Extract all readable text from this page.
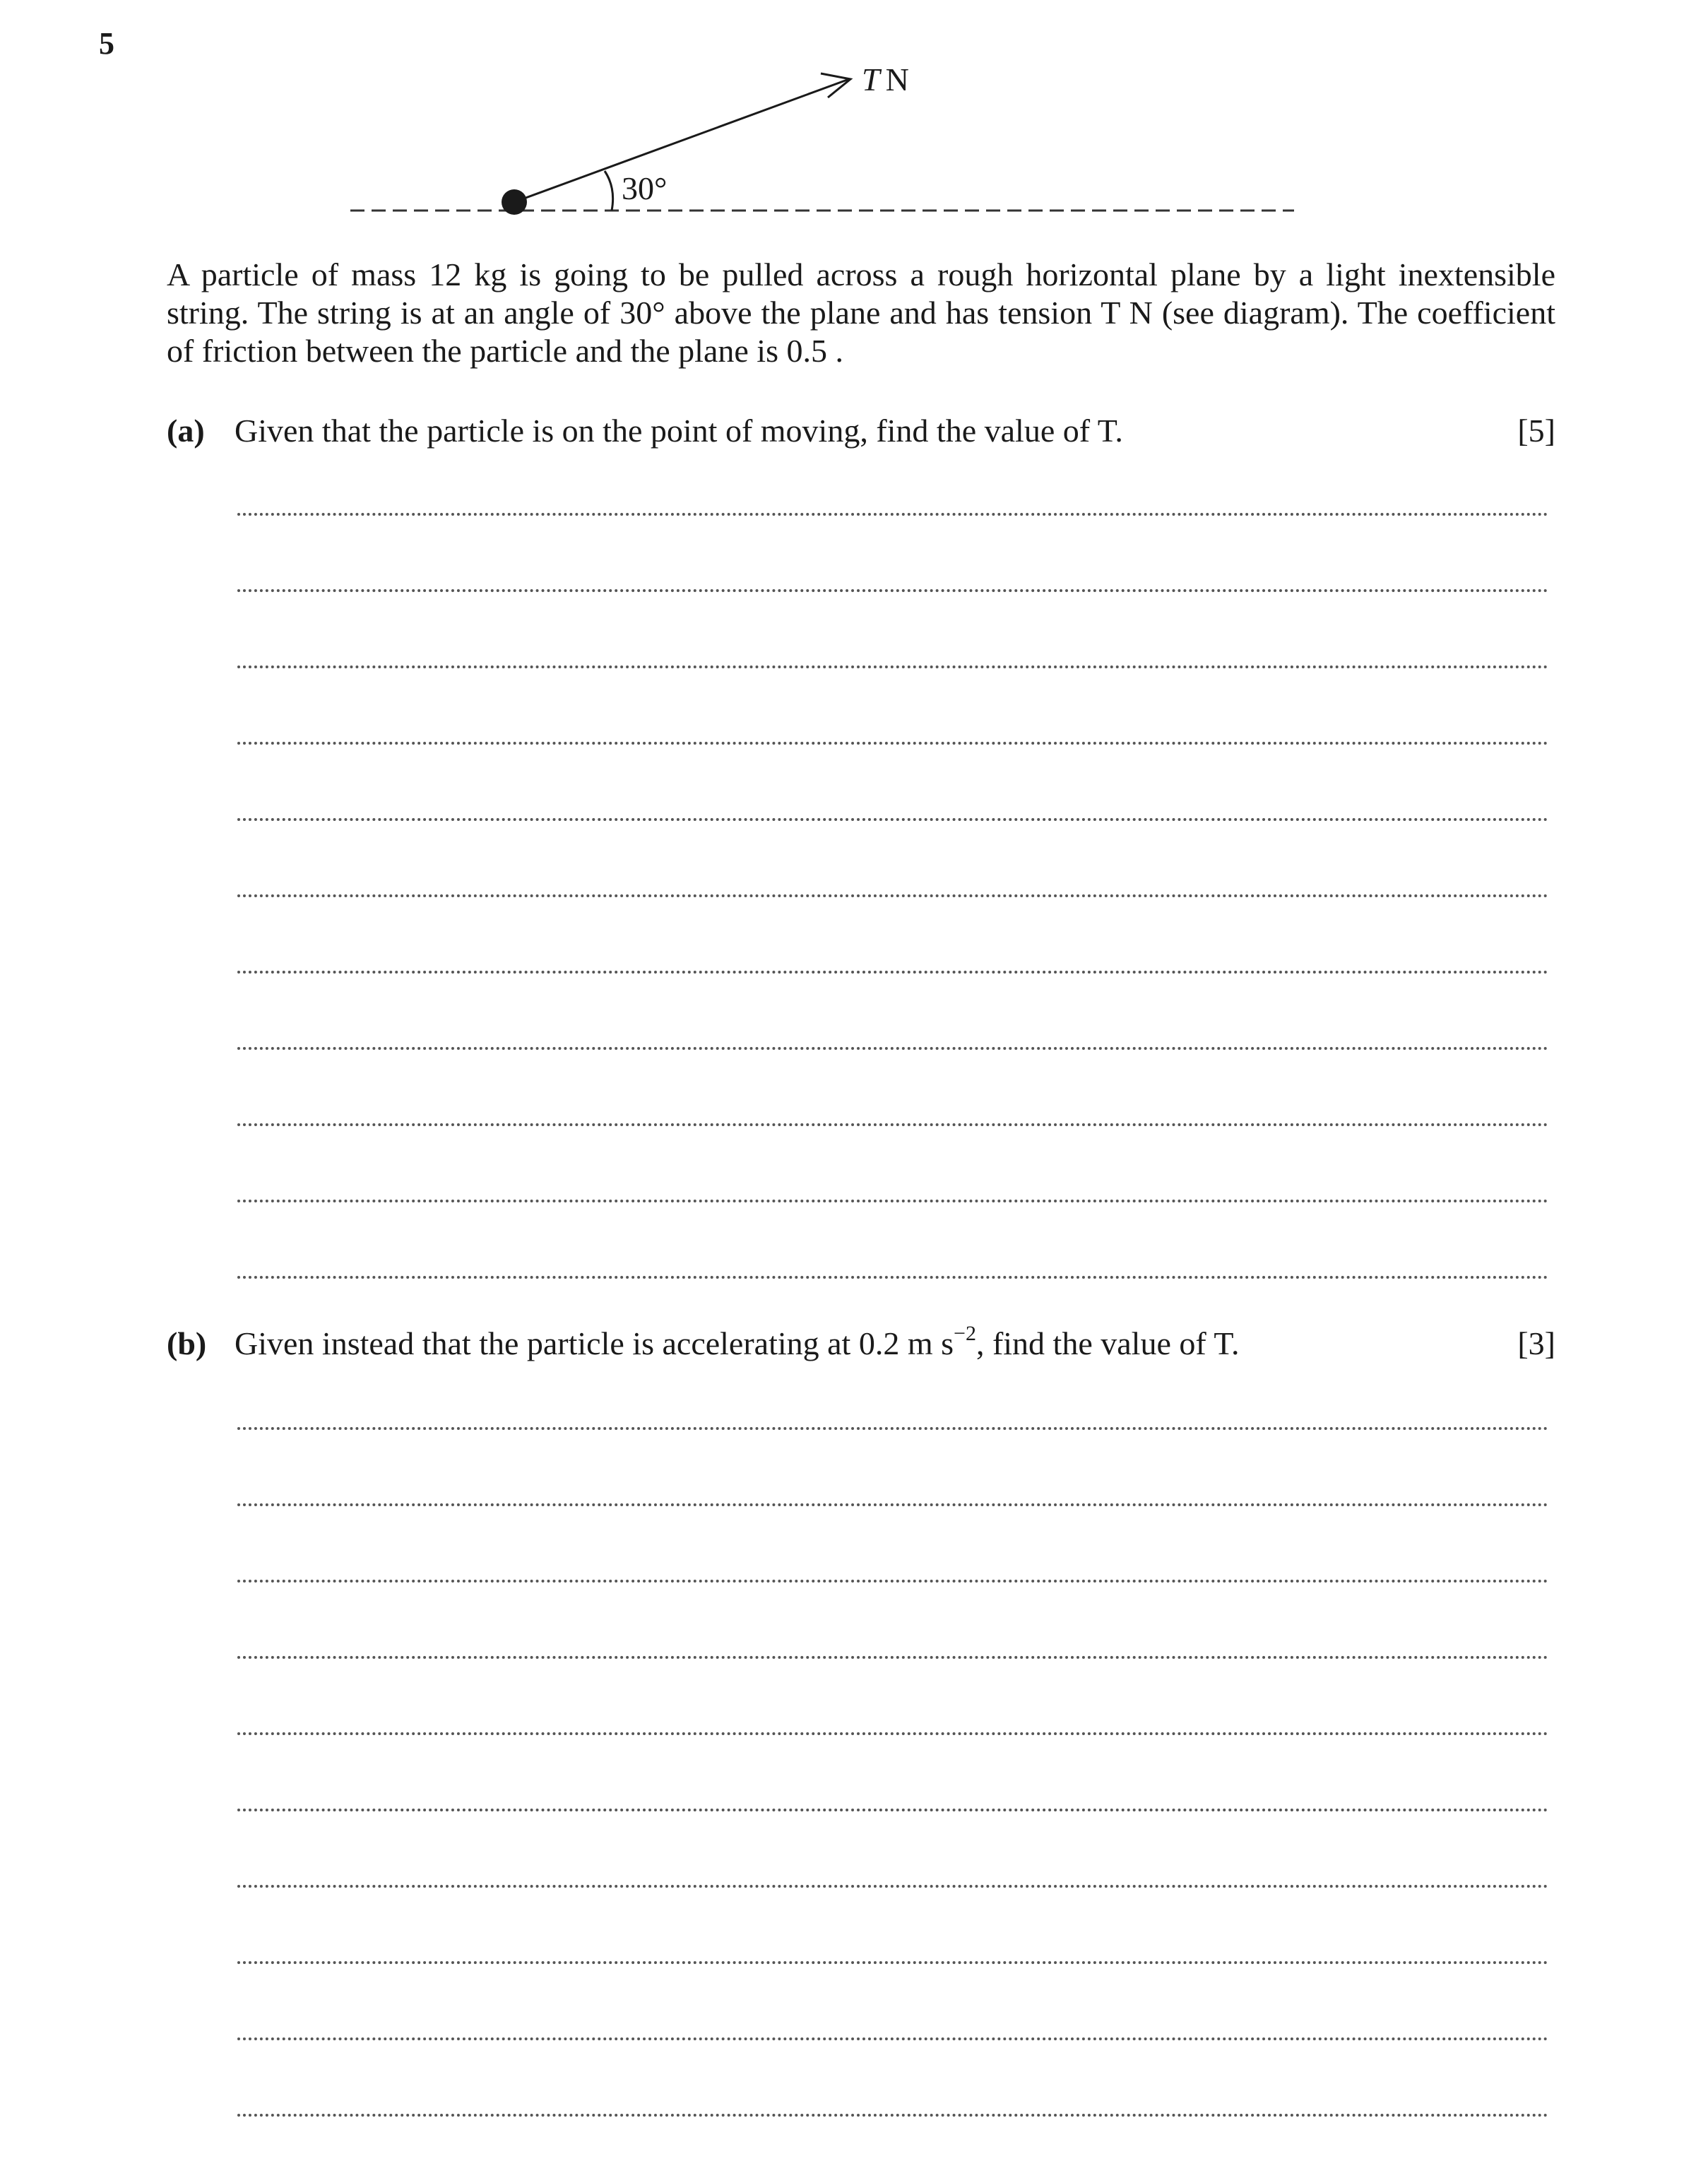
5
30°
T N
A particle of mass 12 kg is going to be pulled across a rough horizontal plane by a light inextensible string. The string is at an angle of 30° above the plane and has tension T N (see diagram). The coefficient of friction between the particle and the plane is 0.5 .
(a) Given that the particle is on the point of moving, find the value of T.	[5]
(b) Given instead that the particle is accelerating at 0.2 m $s^{-2}$, find the value of T.	[3]
